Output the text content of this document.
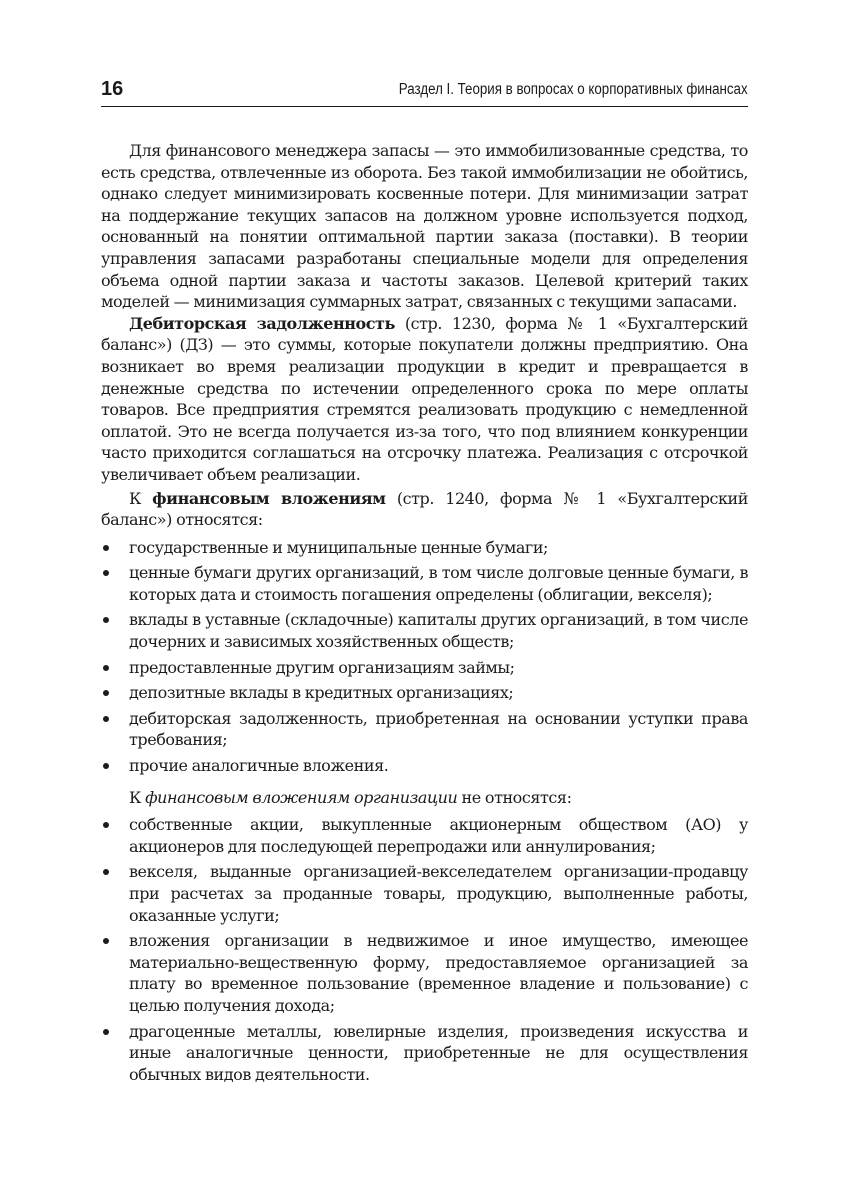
16	Раздел I. Теория в вопросах о корпоративных финансах

Для финансового менеджера запасы — это иммобилизованные средства, то есть средства, отвлеченные из оборота. Без такой иммобилизации не обойтись, однако следует минимизировать косвенные потери. Для минимизации затрат на поддержание текущих запасов на должном уровне используется подход, основанный на понятии оптимальной партии заказа (поставки). В теории управления запасами разработаны специальные модели для определения объема одной партии заказа и частоты заказов. Целевой критерий таких моделей — минимизация суммарных затрат, связанных с текущими запасами.

Дебиторская задолженность (стр. 1230, форма № 1 «Бухгалтерский баланс») (ДЗ) — это суммы, которые покупатели должны предприятию. Она возникает во время реализации продукции в кредит и превращается в денежные средства по истечении определенного срока по мере оплаты товаров. Все предприятия стремятся реализовать продукцию с немедленной оплатой. Это не всегда получается из-за того, что под влиянием конкуренции часто приходится соглашаться на отсрочку платежа. Реализация с отсрочкой увеличивает объем реализации.

К финансовым вложениям (стр. 1240, форма № 1 «Бухгалтерский баланс») относятся:

государственные и муниципальные ценные бумаги;
ценные бумаги других организаций, в том числе долговые ценные бумаги, в которых дата и стоимость погашения определены (облигации, векселя);
вклады в уставные (складочные) капиталы других организаций, в том числе дочерних и зависимых хозяйственных обществ;
предоставленные другим организациям займы;
депозитные вклады в кредитных организациях;
дебиторская задолженность, приобретенная на основании уступки права требования;
прочие аналогичные вложения.

К финансовым вложениям организации не относятся:

собственные акции, выкупленные акционерным обществом (АО) у акционеров для последующей перепродажи или аннулирования;
векселя, выданные организацией-векселедателем организации-продавцу при расчетах за проданные товары, продукцию, выполненные работы, оказанные услуги;
вложения организации в недвижимое и иное имущество, имеющее материально-вещественную форму, предоставляемое организацией за плату во временное пользование (временное владение и пользование) с целью получения дохода;
драгоценные металлы, ювелирные изделия, произведения искусства и иные аналогичные ценности, приобретенные не для осуществления обычных видов деятельности.
